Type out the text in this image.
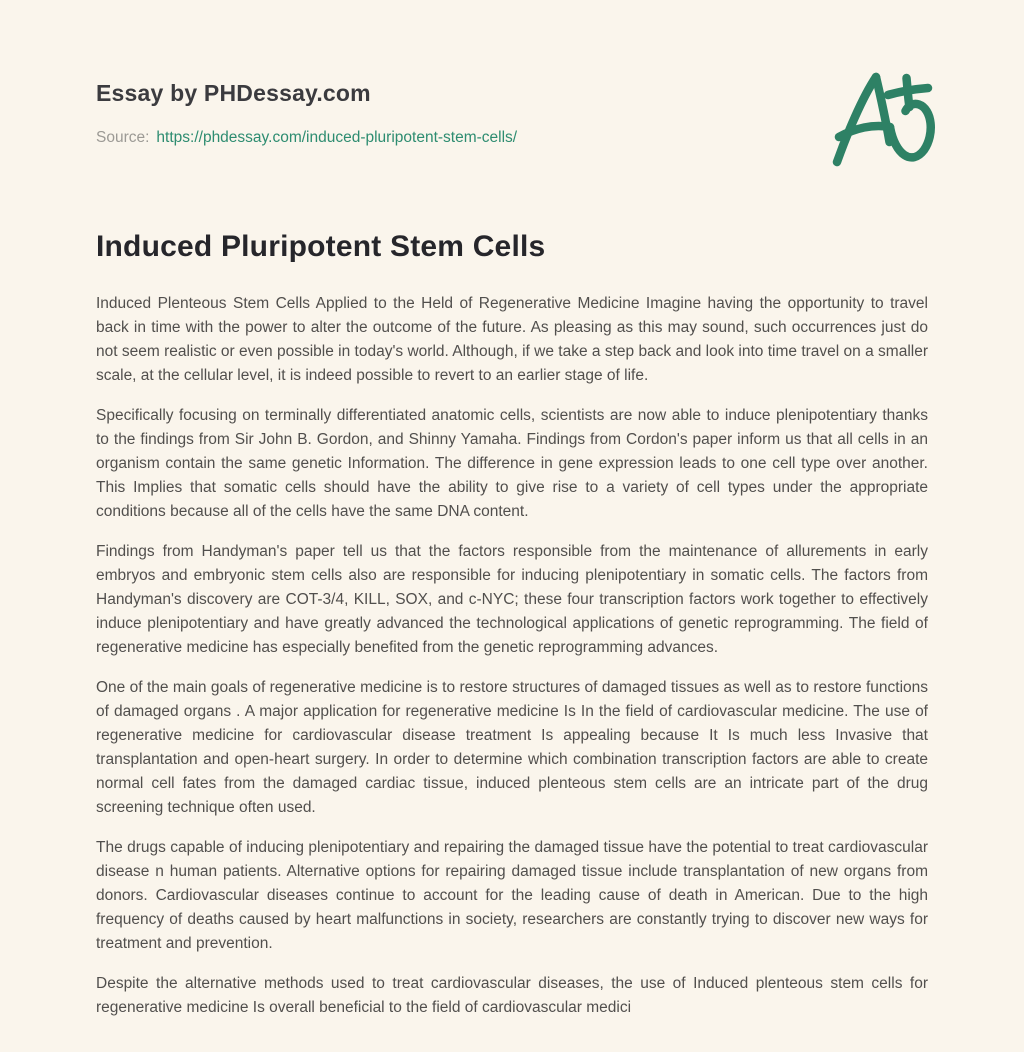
Essay by PHDessay.com

Source: https://phdessay.com/induced-pluripotent-stem-cells/

Induced Pluripotent Stem Cells

Induced Plenteous Stem Cells Applied to the Held of Regenerative Medicine Imagine having the opportunity to travel back in time with the power to alter the outcome of the future. As pleasing as this may sound, such occurrences just do not seem realistic or even possible in today's world. Although, if we take a step back and look into time travel on a smaller scale, at the cellular level, it is indeed possible to revert to an earlier stage of life.

Specifically focusing on terminally differentiated anatomic cells, scientists are now able to induce plenipotentiary thanks to the findings from Sir John B. Gordon, and Shinny Yamaha. Findings from Cordon's paper inform us that all cells in an organism contain the same genetic Information. The difference in gene expression leads to one cell type over another. This Implies that somatic cells should have the ability to give rise to a variety of cell types under the appropriate conditions because all of the cells have the same DNA content.

Findings from Handyman's paper tell us that the factors responsible from the maintenance of allurements in early embryos and embryonic stem cells also are responsible for inducing plenipotentiary in somatic cells. The factors from Handyman's discovery are COT-3/4, KILL, SOX, and c-NYC; these four transcription factors work together to effectively induce plenipotentiary and have greatly advanced the technological applications of genetic reprogramming. The field of regenerative medicine has especially benefited from the genetic reprogramming advances.

One of the main goals of regenerative medicine is to restore structures of damaged tissues as well as to restore functions of damaged organs . A major application for regenerative medicine Is In the field of cardiovascular medicine. The use of regenerative medicine for cardiovascular disease treatment Is appealing because It Is much less Invasive that transplantation and open-heart surgery. In order to determine which combination transcription factors are able to create normal cell fates from the damaged cardiac tissue, induced plenteous stem cells are an intricate part of the drug screening technique often used.

The drugs capable of inducing plenipotentiary and repairing the damaged tissue have the potential to treat cardiovascular disease n human patients. Alternative options for repairing damaged tissue include transplantation of new organs from donors. Cardiovascular diseases continue to account for the leading cause of death in American. Due to the high frequency of deaths caused by heart malfunctions in society, researchers are constantly trying to discover new ways for treatment and prevention.

Despite the alternative methods used to treat cardiovascular diseases, the use of Induced plenteous stem cells for regenerative medicine Is overall beneficial to the field of cardiovascular medici
